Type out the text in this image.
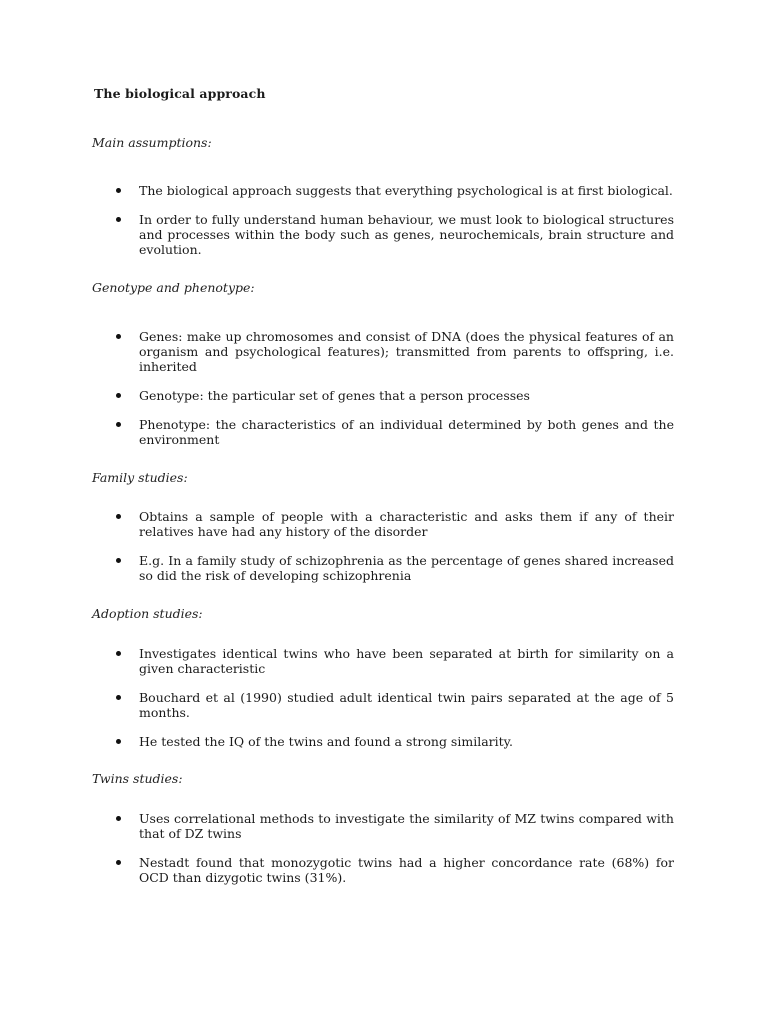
The biological approach
Main assumptions:
The biological approach suggests that everything psychological is at first biological.
In order to fully understand human behaviour, we must look to biological structures and processes within the body such as genes, neurochemicals, brain structure and evolution.
Genotype and phenotype:
Genes: make up chromosomes and consist of DNA (does the physical features of an organism and psychological features); transmitted from parents to offspring, i.e. inherited
Genotype: the particular set of genes that a person processes
Phenotype: the characteristics of an individual determined by both genes and the environment
Family studies:
Obtains a sample of people with a characteristic and asks them if any of their relatives have had any history of the disorder
E.g. In a family study of schizophrenia as the percentage of genes shared increased so did the risk of developing schizophrenia
Adoption studies:
Investigates identical twins who have been separated at birth for similarity on a given characteristic
Bouchard et al (1990) studied adult identical twin pairs separated at the age of 5 months.
He tested the IQ of the twins and found a strong similarity.
Twins studies:
Uses correlational methods to investigate the similarity of MZ twins compared with that of DZ twins
Nestadt found that monozygotic twins had a higher concordance rate (68%) for OCD than dizygotic twins (31%).
